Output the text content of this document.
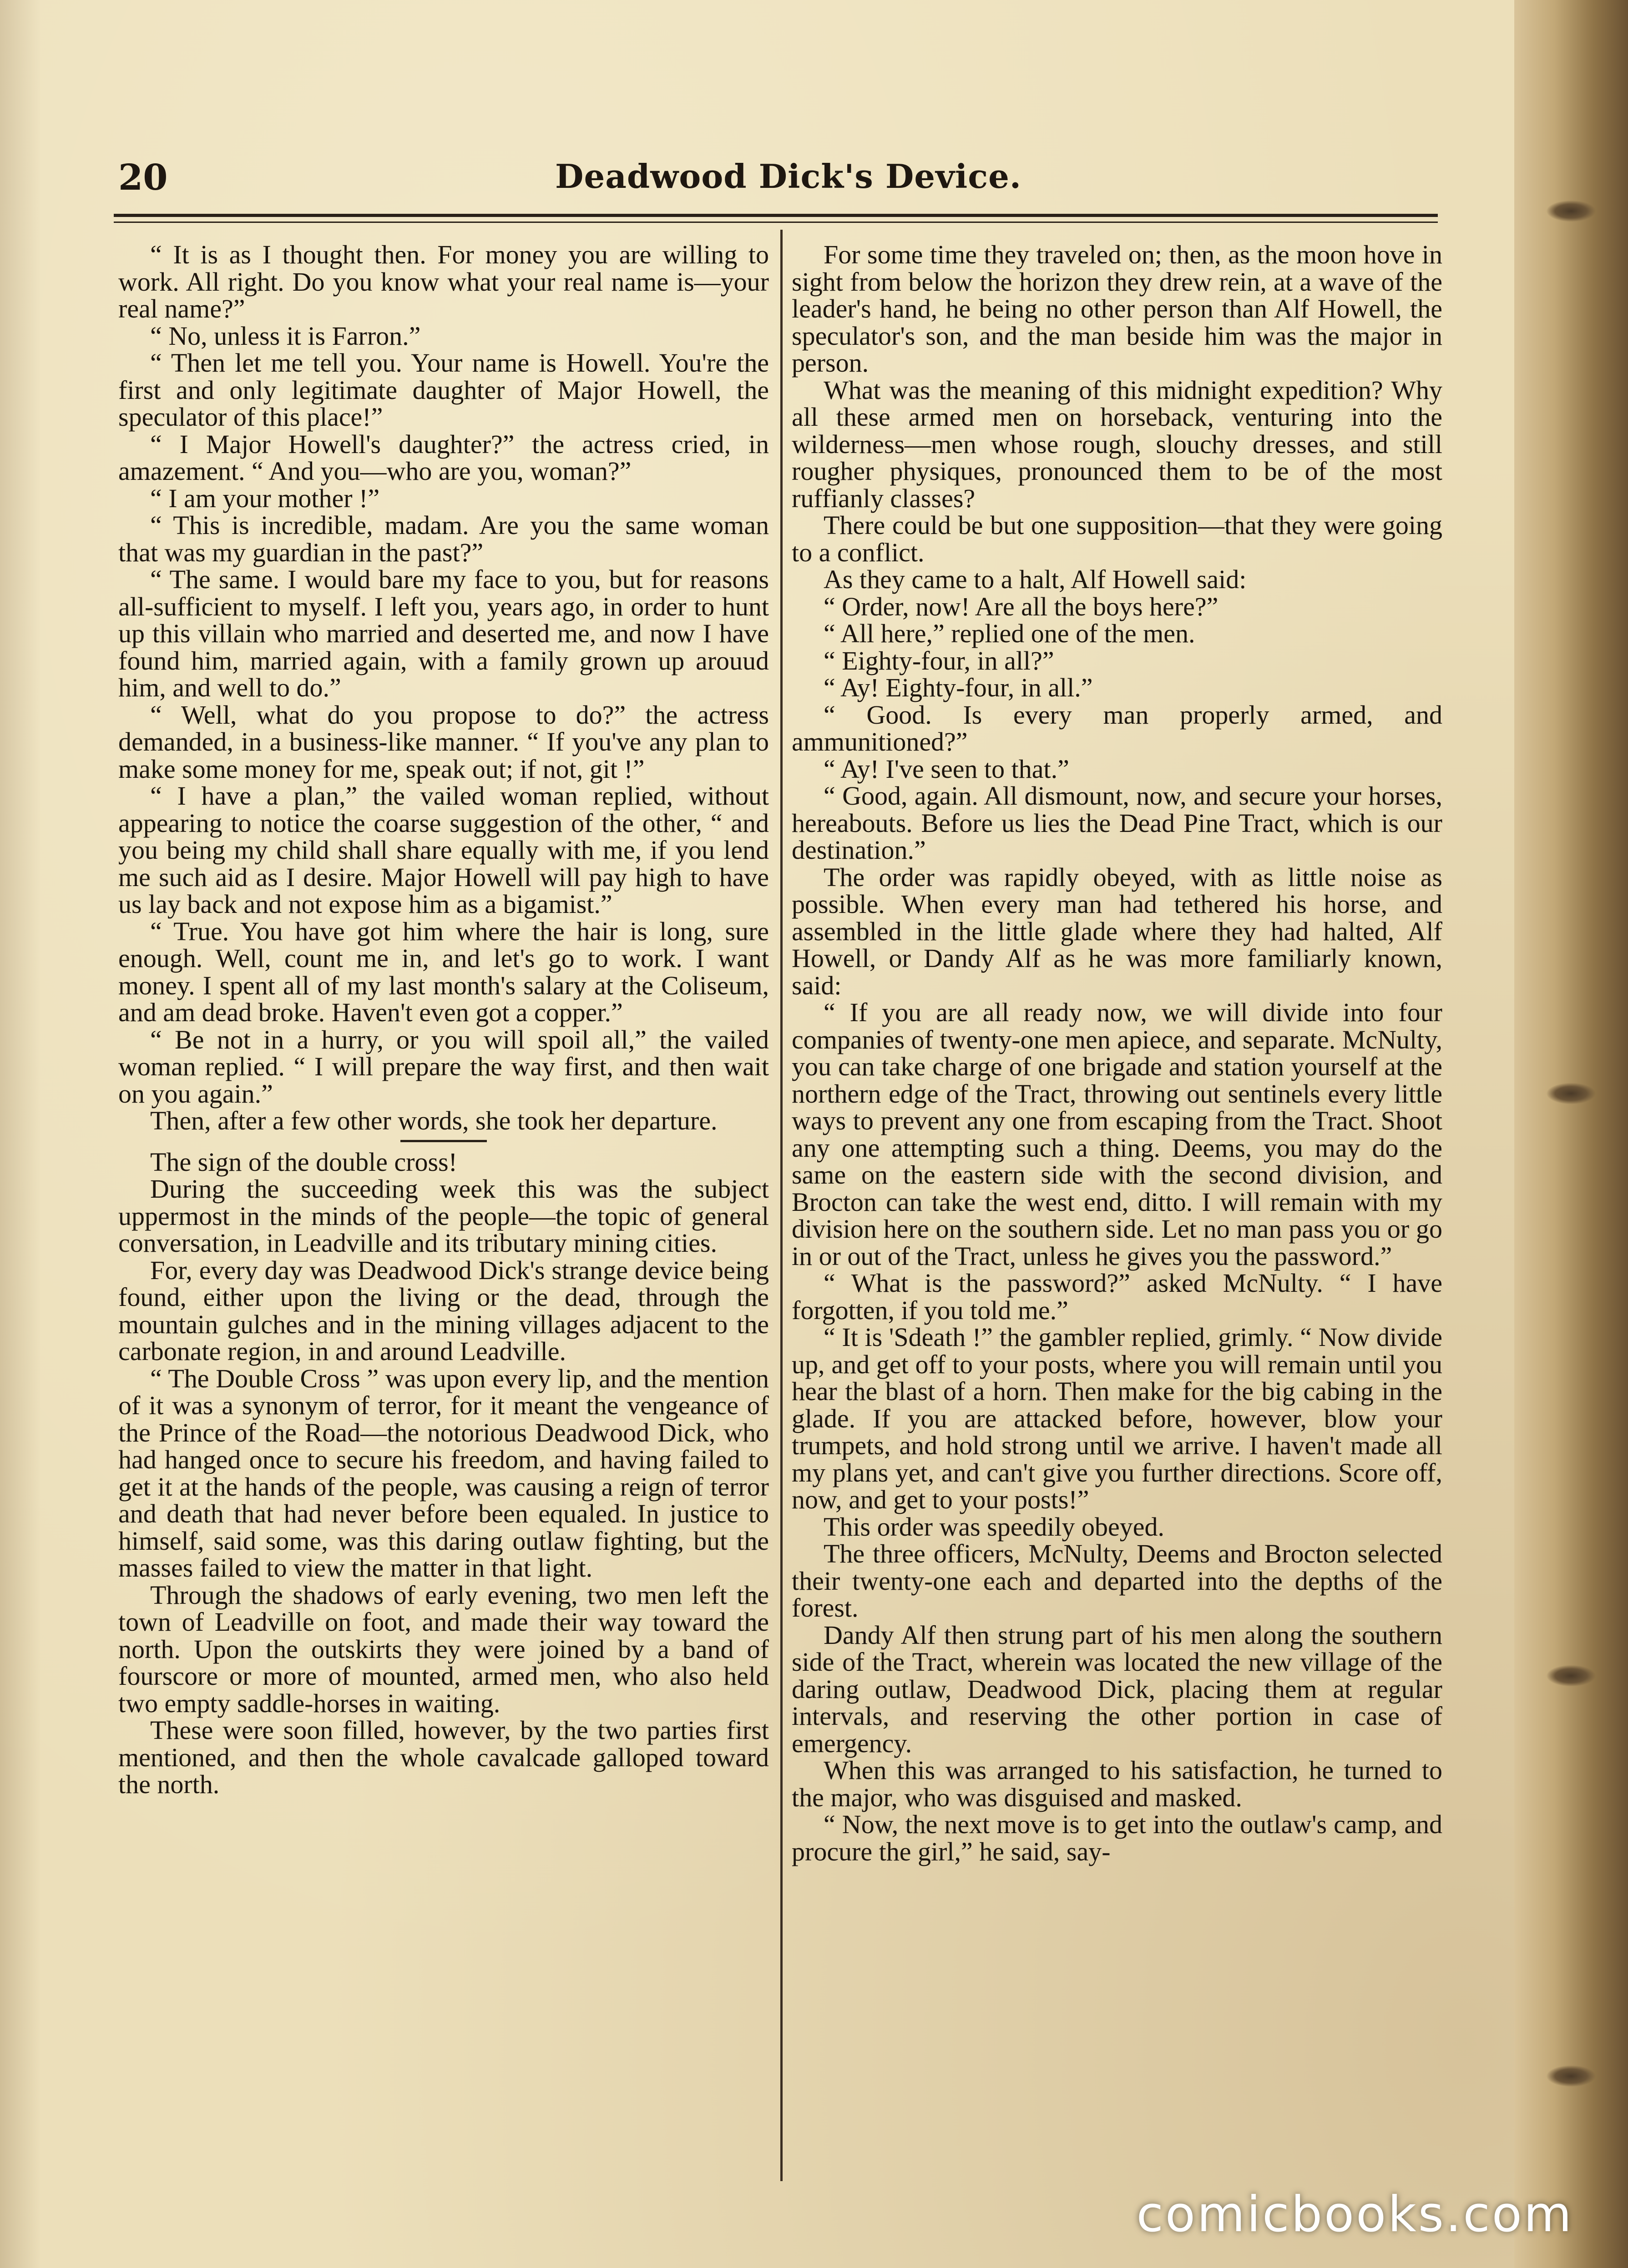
20	Deadwood Dick's Device.

“ It is as I thought then. For money you are willing to work. All right. Do you know what your real name is—your real name?”

“ No, unless it is Farron.”

“ Then let me tell you. Your name is Howell. You're the first and only legitimate daughter of Major Howell, the speculator of this place!”

“ I Major Howell's daughter?” the actress cried, in amazement. “ And you—who are you, woman?”

“ I am your mother !”

“ This is incredible, madam. Are you the same woman that was my guardian in the past?”

“ The same. I would bare my face to you, but for reasons all-sufficient to myself. I left you, years ago, in order to hunt up this villain who married and deserted me, and now I have found him, married again, with a family grown up arouud him, and well to do.”

“ Well, what do you propose to do?” the actress demanded, in a business-like manner. “ If you've any plan to make some money for me, speak out; if not, git !”

“ I have a plan,” the vailed woman replied, without appearing to notice the coarse suggestion of the other, “ and you being my child shall share equally with me, if you lend me such aid as I desire. Major Howell will pay high to have us lay back and not expose him as a bigamist.”

“ True. You have got him where the hair is long, sure enough. Well, count me in, and let's go to work. I want money. I spent all of my last month's salary at the Coliseum, and am dead broke. Haven't even got a copper.”

“ Be not in a hurry, or you will spoil all,” the vailed woman replied. “ I will prepare the way first, and then wait on you again.”

Then, after a few other words, she took her departure.

The sign of the double cross!

During the succeeding week this was the subject uppermost in the minds of the people—the topic of general conversation, in Leadville and its tributary mining cities.

For, every day was Deadwood Dick's strange device being found, either upon the living or the dead, through the mountain gulches and in the mining villages adjacent to the carbonate region, in and around Leadville.

“ The Double Cross ” was upon every lip, and the mention of it was a synonym of terror, for it meant the vengeance of the Prince of the Road—the notorious Deadwood Dick, who had hanged once to secure his freedom, and having failed to get it at the hands of the people, was causing a reign of terror and death that had never before been equaled. In justice to himself, said some, was this daring outlaw fighting, but the masses failed to view the matter in that light.

Through the shadows of early evening, two men left the town of Leadville on foot, and made their way toward the north. Upon the outskirts they were joined by a band of fourscore or more of mounted, armed men, who also held two empty saddle-horses in waiting.

These were soon filled, however, by the two parties first mentioned, and then the whole cavalcade galloped toward the north.

For some time they traveled on; then, as the moon hove in sight from below the horizon they drew rein, at a wave of the leader's hand, he being no other person than Alf Howell, the speculator's son, and the man beside him was the major in person.

What was the meaning of this midnight expedition? Why all these armed men on horseback, venturing into the wilderness—men whose rough, slouchy dresses, and still rougher physiques, pronounced them to be of the most ruffianly classes?

There could be but one supposition—that they were going to a conflict.

As they came to a halt, Alf Howell said:

“ Order, now! Are all the boys here?”

“ All here,” replied one of the men.

“ Eighty-four, in all?”

“ Ay! Eighty-four, in all.”

“ Good. Is every man properly armed, and ammunitioned?”

“ Ay! I've seen to that.”

“ Good, again. All dismount, now, and secure your horses, hereabouts. Before us lies the Dead Pine Tract, which is our destination.”

The order was rapidly obeyed, with as little noise as possible. When every man had tethered his horse, and assembled in the little glade where they had halted, Alf Howell, or Dandy Alf as he was more familiarly known, said:

“ If you are all ready now, we will divide into four companies of twenty-one men apiece, and separate. McNulty, you can take charge of one brigade and station yourself at the northern edge of the Tract, throwing out sentinels every little ways to prevent any one from escaping from the Tract. Shoot any one attempting such a thing. Deems, you may do the same on the eastern side with the second division, and Brocton can take the west end, ditto. I will remain with my division here on the southern side. Let no man pass you or go in or out of the Tract, unless he gives you the password.”

“ What is the password?” asked McNulty. “ I have forgotten, if you told me.”

“ It is 'Sdeath !” the gambler replied, grimly. “ Now divide up, and get off to your posts, where you will remain until you hear the blast of a horn. Then make for the big cabing in the glade. If you are attacked before, however, blow your trumpets, and hold strong until we arrive. I haven't made all my plans yet, and can't give you further directions. Score off, now, and get to your posts!”

This order was speedily obeyed.

The three officers, McNulty, Deems and Brocton selected their twenty-one each and departed into the depths of the forest.

Dandy Alf then strung part of his men along the southern side of the Tract, wherein was located the new village of the daring outlaw, Deadwood Dick, placing them at regular intervals, and reserving the other portion in case of emergency.

When this was arranged to his satisfaction, he turned to the major, who was disguised and masked.

“ Now, the next move is to get into the outlaw's camp, and procure the girl,” he said, say-

comicbooks.com
